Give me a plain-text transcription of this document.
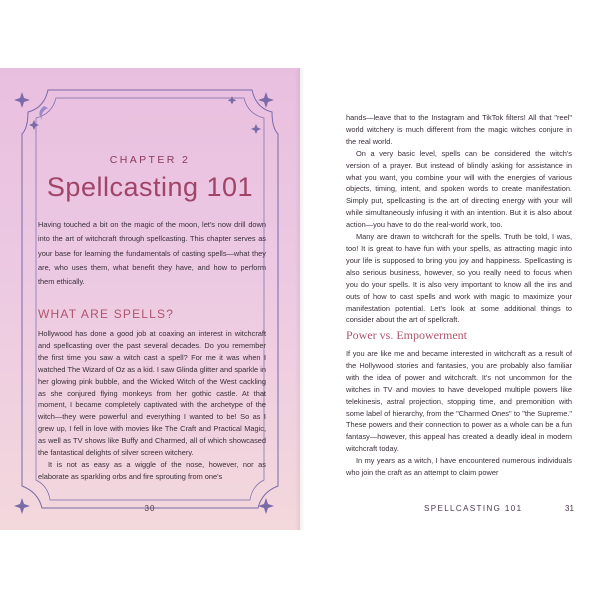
CHAPTER 2
Spellcasting 101
Having touched a bit on the magic of the moon, let's now drill down into the art of witchcraft through spellcasting. This chapter serves as your base for learning the fundamentals of casting spells—what they are, who uses them, what benefit they have, and how to perform them ethically.
WHAT ARE SPELLS?

Hollywood has done a good job at coaxing an interest in witchcraft and spellcasting over the past several decades. Do you remember the first time you saw a witch cast a spell? For me it was when I watched The Wizard of Oz as a kid. I saw Glinda glitter and sparkle in her glowing pink bubble, and the Wicked Witch of the West cackling as she conjured flying monkeys from her gothic castle. At that moment, I became completely captivated with the archetype of the witch—they were powerful and everything I wanted to be! So as I grew up, I fell in love with movies like The Craft and Practical Magic, as well as TV shows like Buffy and Charmed, all of which showcased the fantastical delights of silver screen witchery.

It is not as easy as a wiggle of the nose, however, nor as elaborate as sparkling orbs and fire sprouting from one's

30

hands—leave that to the Instagram and TikTok filters! All that "reel" world witchery is much different from the magic witches conjure in the real world.

On a very basic level, spells can be considered the witch's version of a prayer. But instead of blindly asking for assistance in what you want, you combine your will with the energies of various objects, timing, intent, and spoken words to create manifestation. Simply put, spellcasting is the art of directing energy with your will while simultaneously infusing it with an intention. But it is also about action—you have to do the real-world work, too.

Many are drawn to witchcraft for the spells. Truth be told, I was, too! It is great to have fun with your spells, as attracting magic into your life is supposed to bring you joy and happiness. Spellcasting is also serious business, however, so you really need to focus when you do your spells. It is also very important to know all the ins and outs of how to cast spells and work with magic to maximize your manifestation potential. Let's look at some additional things to consider about the art of spellcraft.

Power vs. Empowerment

If you are like me and became interested in witchcraft as a result of the Hollywood stories and fantasies, you are probably also familiar with the idea of power and witchcraft. It's not uncommon for the witches in TV and movies to have developed multiple powers like telekinesis, astral projection, stopping time, and premonition with some label of hierarchy, from the "Charmed Ones" to "the Supreme." These powers and their connection to power as a whole can be a fun fantasy—however, this appeal has created a deadly ideal in modern witchcraft today.

In my years as a witch, I have encountered numerous individuals who join the craft as an attempt to claim power

SPELLCASTING 101	31
